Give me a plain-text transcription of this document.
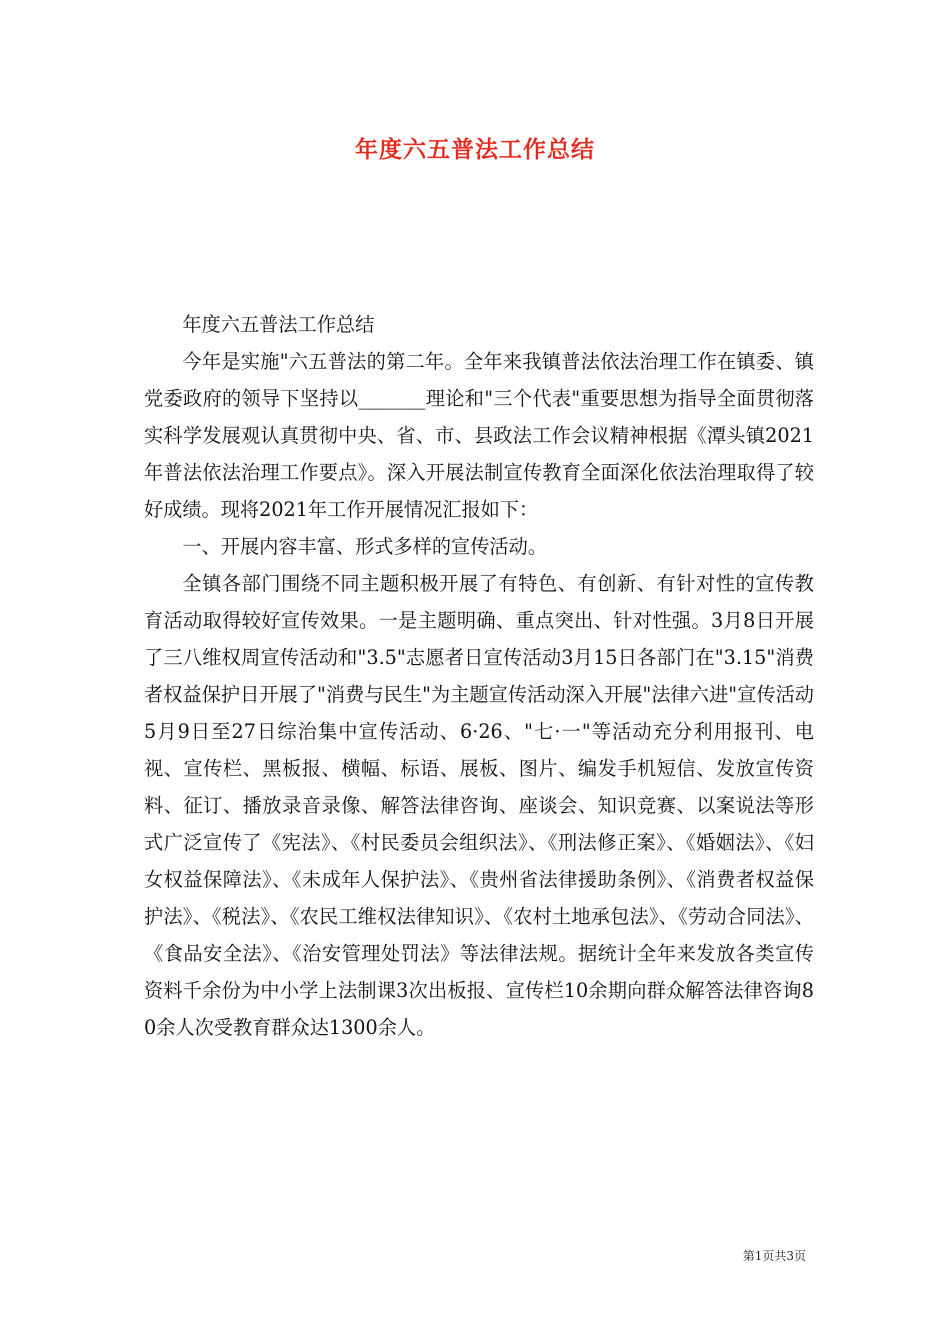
年度六五普法工作总结

年度六五普法工作总结

今年是实施"六五普法的第二年。全年来我镇普法依法治理工作在镇委、镇党委政府的领导下坚持以_______理论和"三个代表"重要思想为指导全面贯彻落实科学发展观认真贯彻中央、省、市、县政法工作会议精神根据《潭头镇2021年普法依法治理工作要点》。深入开展法制宣传教育全面深化依法治理取得了较好成绩。现将2021年工作开展情况汇报如下：

一、开展内容丰富、形式多样的宣传活动。

全镇各部门围绕不同主题积极开展了有特色、有创新、有针对性的宣传教育活动取得较好宣传效果。一是主题明确、重点突出、针对性强。3月8日开展了三八维权周宣传活动和"3.5"志愿者日宣传活动3月15日各部门在"3.15"消费者权益保护日开展了"消费与民生"为主题宣传活动深入开展"法律六进"宣传活动5月9日至27日综治集中宣传活动、6·26、"七·一"等活动充分利用报刊、电视、宣传栏、黑板报、横幅、标语、展板、图片、编发手机短信、发放宣传资料、征订、播放录音录像、解答法律咨询、座谈会、知识竞赛、以案说法等形式广泛宣传了《宪法》、《村民委员会组织法》、《刑法修正案》、《婚姻法》、《妇女权益保障法》、《未成年人保护法》、《贵州省法律援助条例》、《消费者权益保护法》、《税法》、《农民工维权法律知识》、《农村土地承包法》、《劳动合同法》、《食品安全法》、《治安管理处罚法》等法律法规。据统计全年来发放各类宣传资料千余份为中小学上法制课3次出板报、宣传栏10余期向群众解答法律咨询80余人次受教育群众达1300余人。

第1页共3页
